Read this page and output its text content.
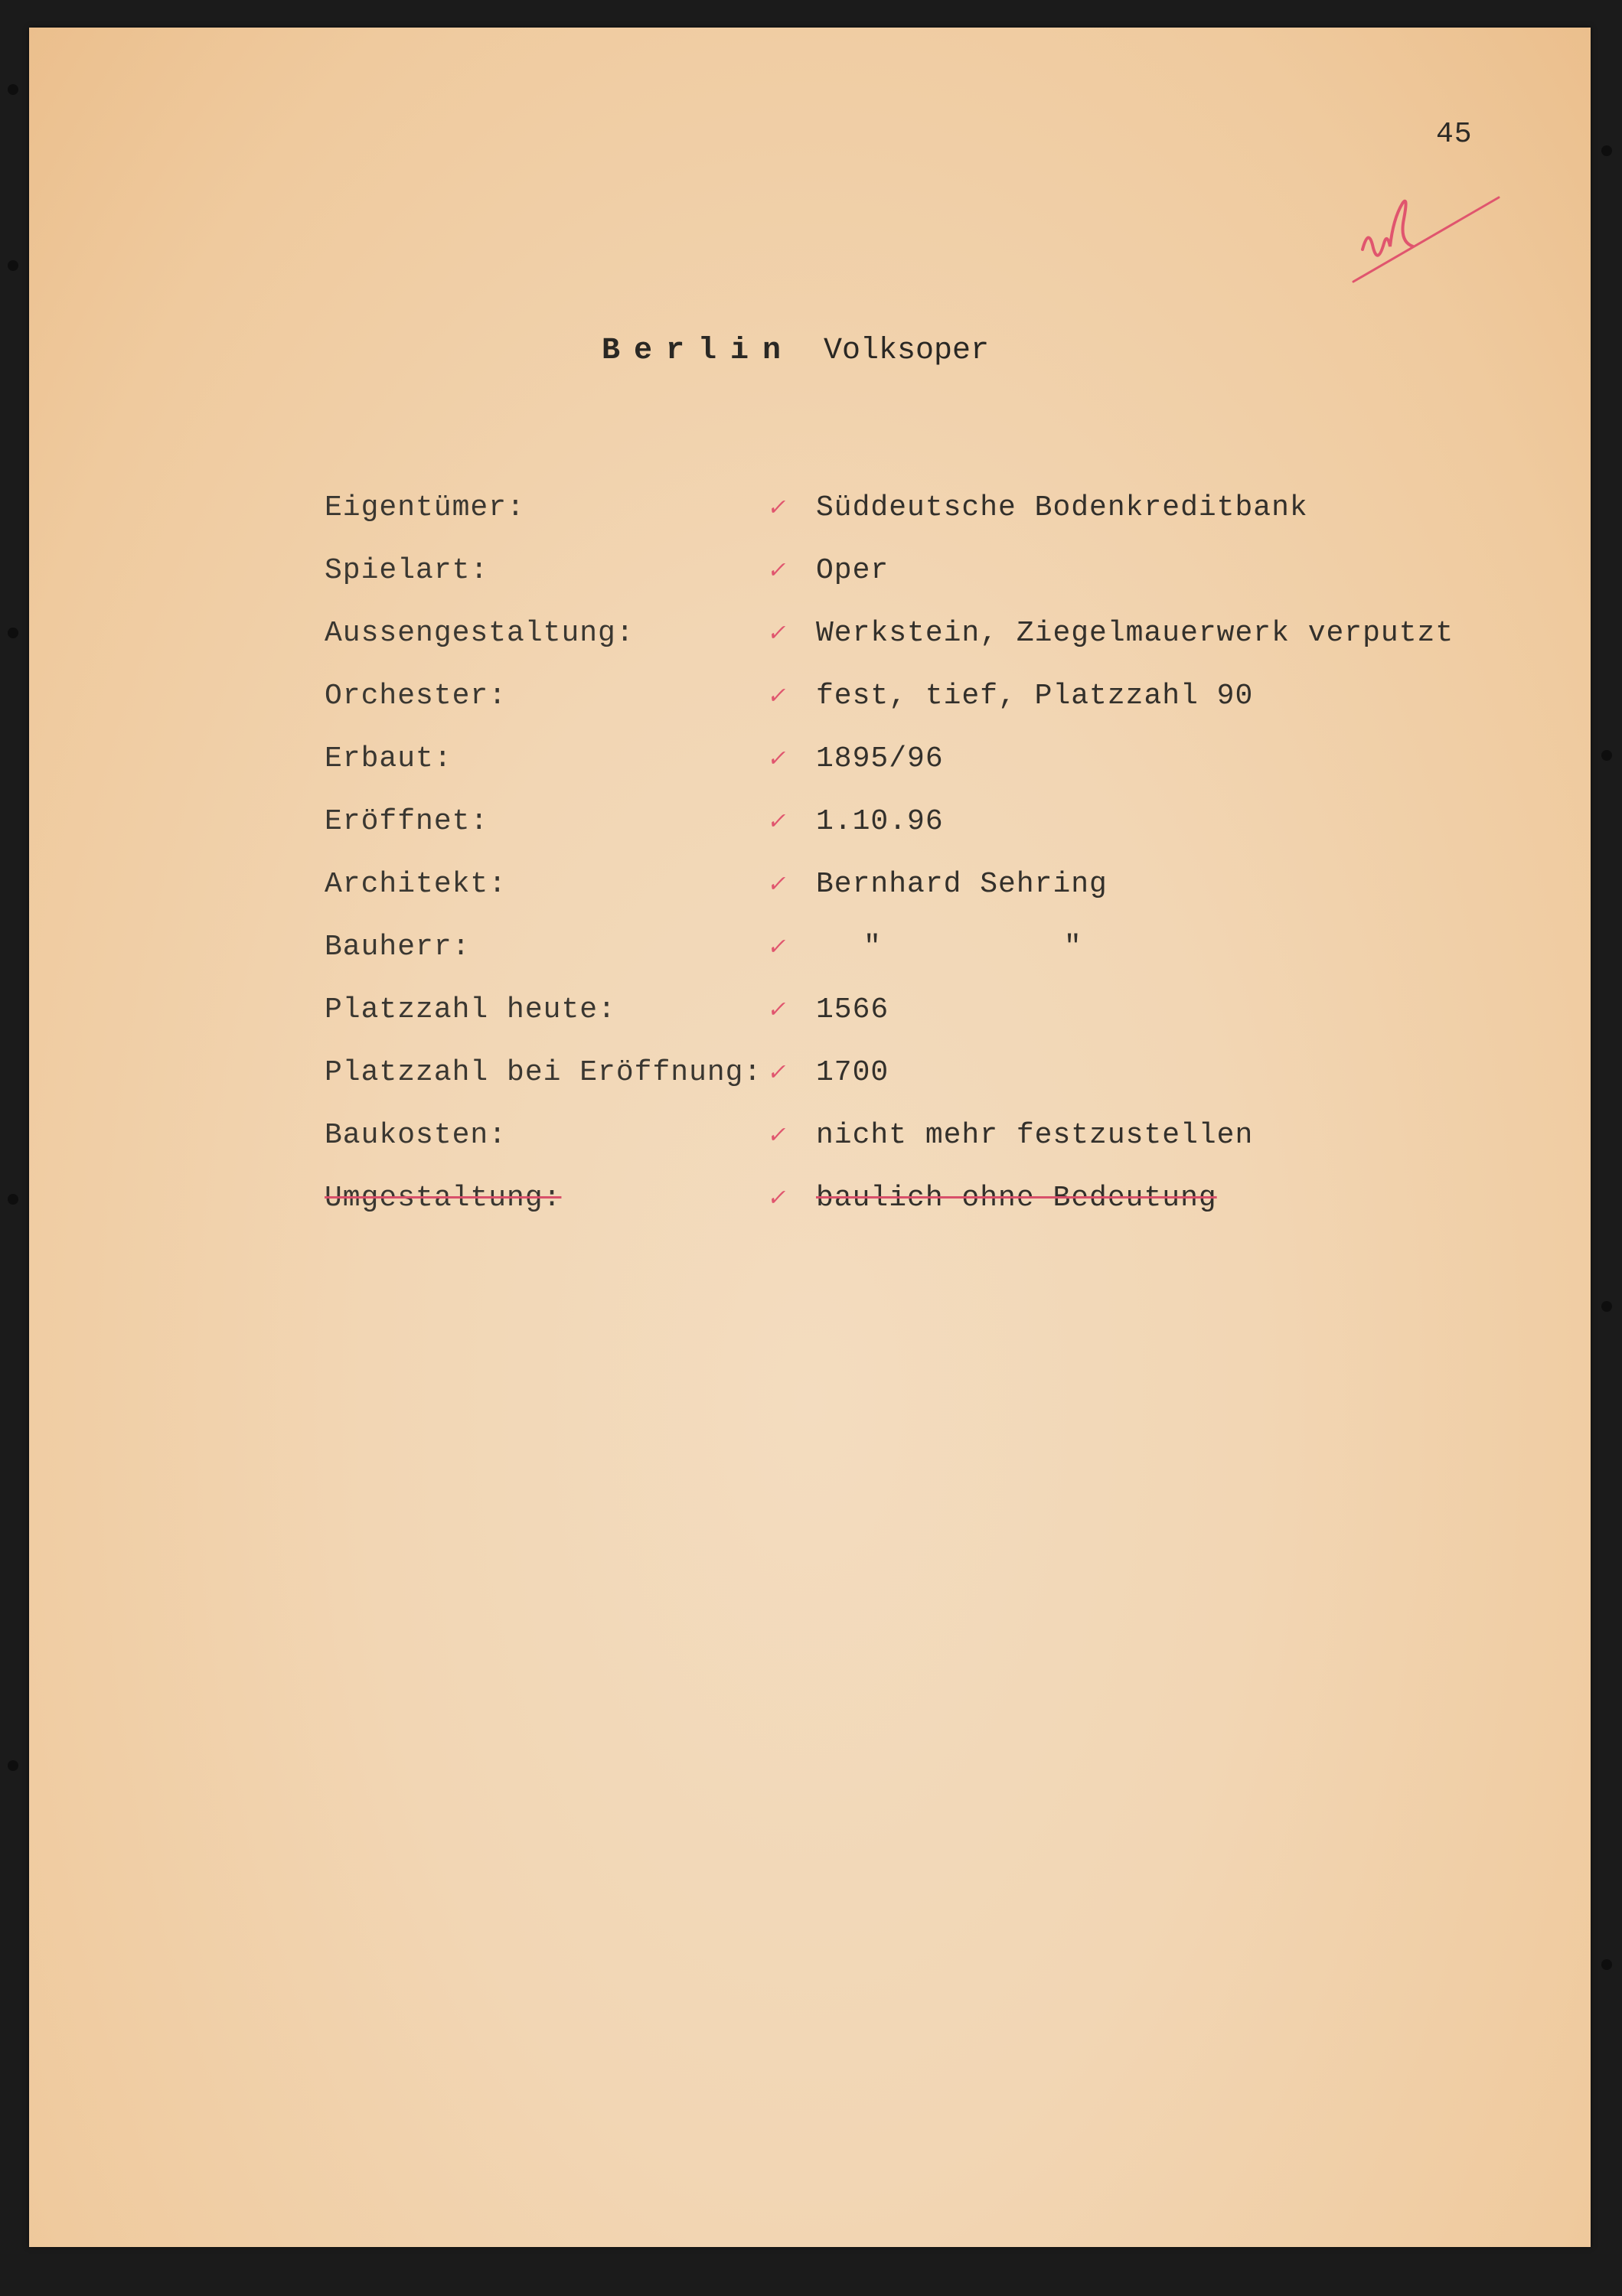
45
Berlin Volksoper
Eigentümer:	✓ Süddeutsche Bodenkreditbank
Spielart:	✓ Oper
Aussengestaltung:	✓ Werkstein, Ziegelmauerwerk verputzt
Orchester:	✓ fest, tief, Platzzahl 90
Erbaut:	✓ 1895/96
Eröffnet:	✓ 1.10.96
Architekt:	✓ Bernhard Sehring
Bauherr:	✓	"          "
Platzzahl heute:	✓ 1566
Platzzahl bei Eröffnung: ✓ 1700
Baukosten:	✓ nicht mehr festzustellen
Umgestaltung:	✓ baulich ohne Bedeutung
